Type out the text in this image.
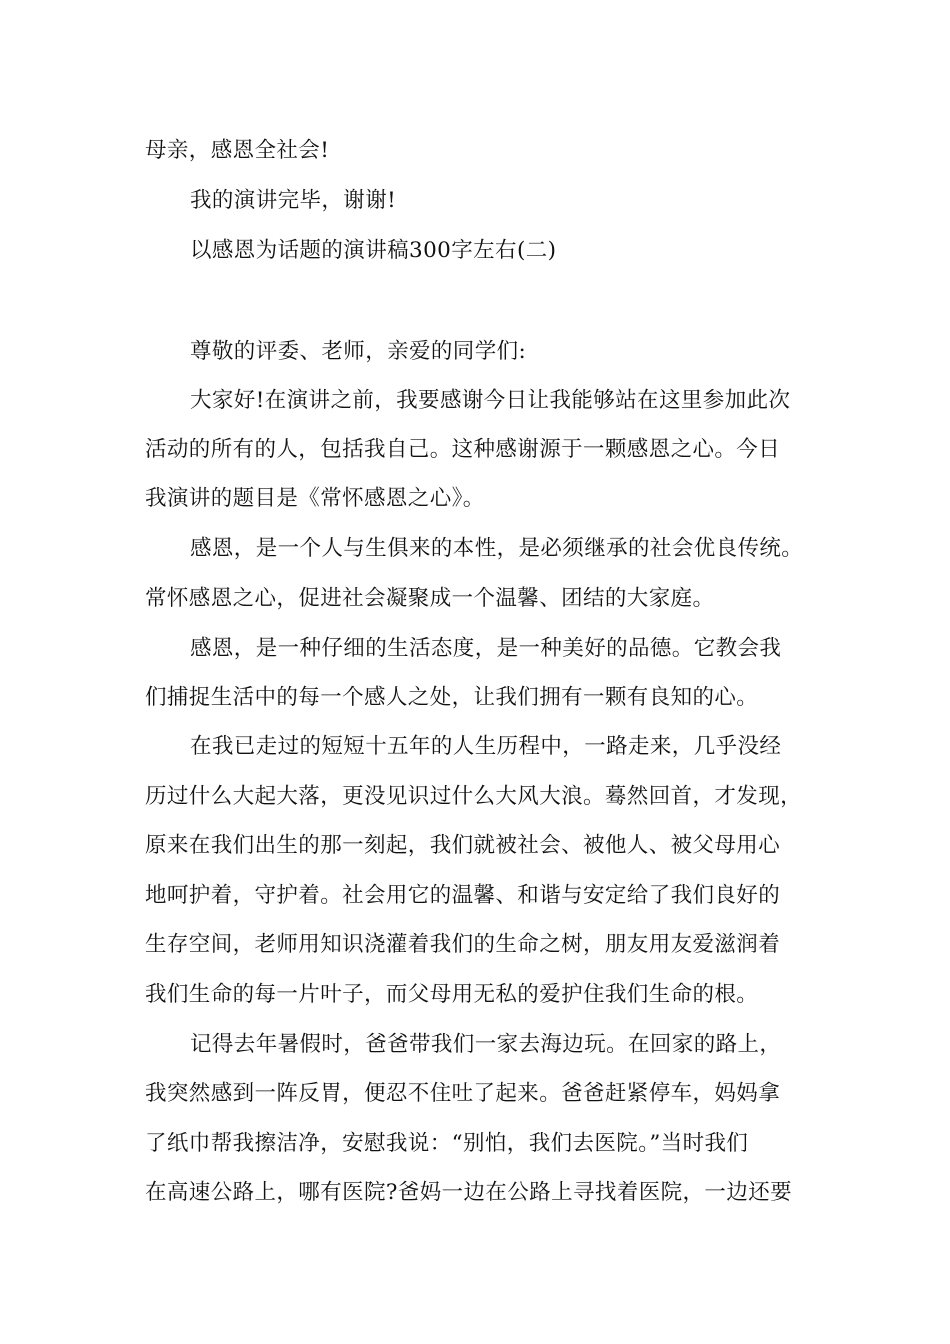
母亲，感恩全社会!
我的演讲完毕，谢谢!
以感恩为话题的演讲稿300字左右(二)
尊敬的评委、老师，亲爱的同学们:
大家好!在演讲之前，我要感谢今日让我能够站在这里参加此次
活动的所有的人，包括我自己。这种感谢源于一颗感恩之心。今日
我演讲的题目是《常怀感恩之心》。
感恩，是一个人与生俱来的本性，是必须继承的社会优良传统。
常怀感恩之心，促进社会凝聚成一个温馨、团结的大家庭。
感恩，是一种仔细的生活态度，是一种美好的品德。它教会我
们捕捉生活中的每一个感人之处，让我们拥有一颗有良知的心。
在我已走过的短短十五年的人生历程中，一路走来，几乎没经
历过什么大起大落，更没见识过什么大风大浪。蓦然回首，才发现，
原来在我们出生的那一刻起，我们就被社会、被他人、被父母用心
地呵护着，守护着。社会用它的温馨、和谐与安定给了我们良好的
生存空间，老师用知识浇灌着我们的生命之树，朋友用友爱滋润着
我们生命的每一片叶子，而父母用无私的爱护住我们生命的根。
记得去年暑假时，爸爸带我们一家去海边玩。在回家的路上，
我突然感到一阵反胃，便忍不住吐了起来。爸爸赶紧停车，妈妈拿
了纸巾帮我擦洁净，安慰我说：“别怕，我们去医院。”当时我们
在高速公路上，哪有医院?爸妈一边在公路上寻找着医院，一边还要
